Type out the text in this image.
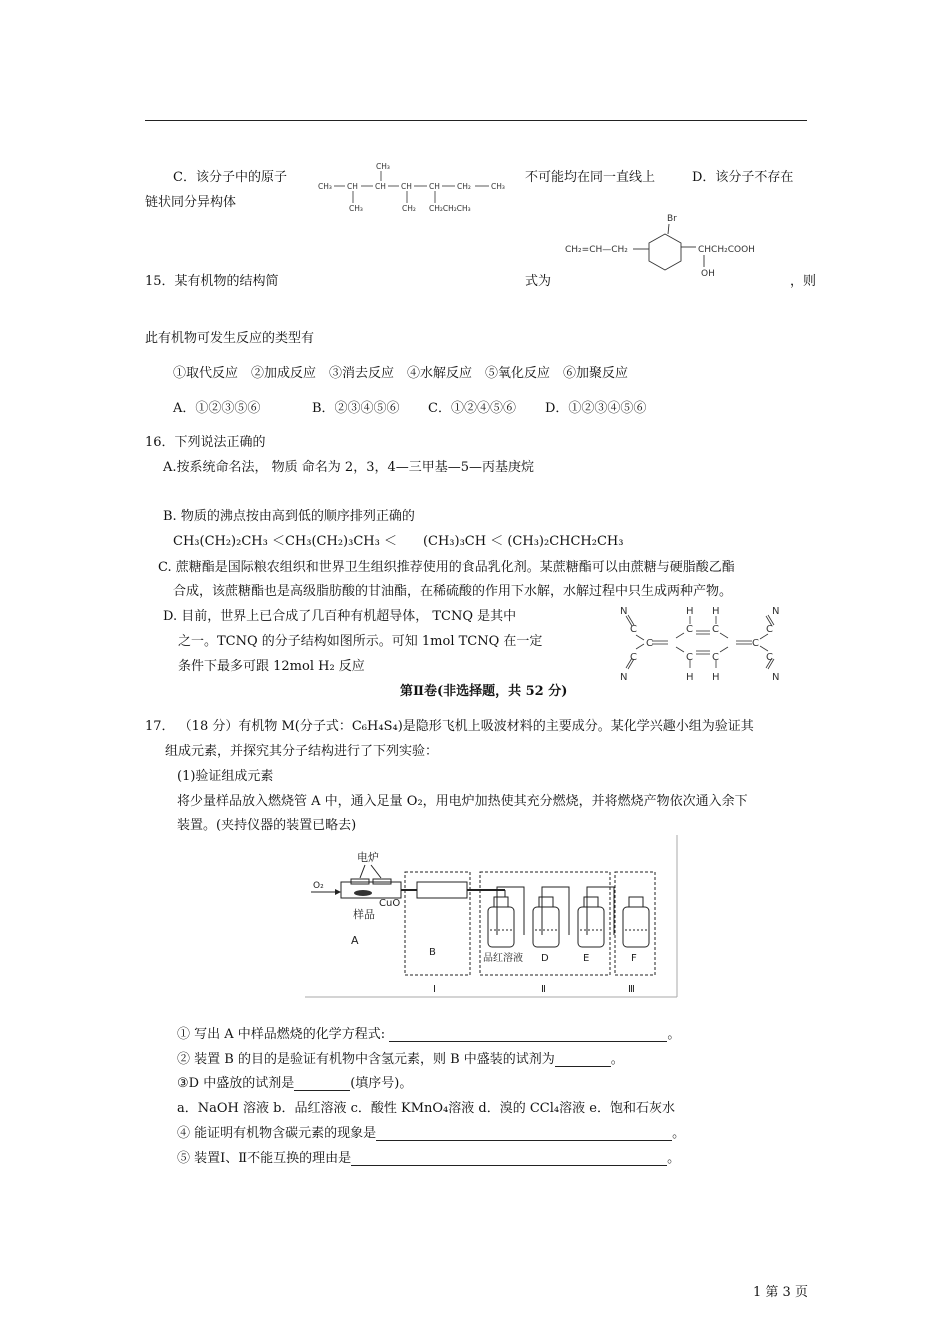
C．该分子中的原子
CH₃
CH₃ CH CH CH CH CH₂	CH₃
CH₃	CH₂ CH₂CH₂CH₃
不可能均在同一直线上	D．该分子不存在
链状同分异构体
15．某有机物的结构简	式为	，则
Br
CH₂=CH—CH₂	CHCH₂COOH
OH
此有机物可发生反应的类型有
①取代反应　②加成反应　③消去反应　④水解反应　⑤氧化反应　⑥加聚反应
A．①②③⑤⑥	B．②③④⑤⑥ C．①②④⑤⑥ D．①②③④⑤⑥
16．下列说法正确的
A.按系统命名法， 物质 命名为 2，3，4—三甲基—5—丙基庚烷
B. 物质的沸点按由高到低的顺序排列正确的
CH₃(CH₂)₂CH₃ ＜CH₃(CH₂)₃CH₃ ＜　　(CH₃)₃CH ＜ (CH₃)₂CHCH₂CH₃
C. 蔗糖酯是国际粮农组织和世界卫生组织推荐使用的食品乳化剂。某蔗糖酯可以由蔗糖与硬脂酸乙酯
合成，该蔗糖酯也是高级脂肪酸的甘油酯，在稀硫酸的作用下水解，水解过程中只生成两种产物。
D. 目前，世界上已合成了几百种有机超导体， TCNQ 是其中
之一。TCNQ 的分子结构如图所示。可知 1mol TCNQ 在一定
条件下最多可跟 12mol H₂ 反应
N
C
N
C
C
H
C
C
H
H
C
C
H
C
C
N
C
N
第Ⅱ卷(非选择题，共 52 分)
17． （18 分）有机物 M(分子式：C₆H₄S₄)是隐形飞机上吸波材料的主要成分。某化学兴趣小组为验证其
组成元素，并探究其分子结构进行了下列实验：
(1)验证组成元素
将少量样品放入燃烧管 A 中，通入足量 O₂，用电炉加热使其充分燃烧，并将燃烧产物依次通入余下
装置。(夹持仪器的装置已略去)
O₂
电炉
样品
CuO
A
B
品红溶液 D	E	F
Ⅰ	Ⅱ	Ⅲ
① 写出 A 中样品燃烧的化学方程式:	。
② 装置 B 的目的是验证有机物中含氢元素，则 B 中盛装的试剂为	。
③D 中盛放的试剂是	(填序号)。
a．NaOH 溶液 b．品红溶液 c．酸性 KMnO₄溶液 d．溴的 CCl₄溶液 e．饱和石灰水
④ 能证明有机物含碳元素的现象是	。
⑤ 装置Ⅰ、Ⅱ不能互换的理由是	。
1 第 3 页
